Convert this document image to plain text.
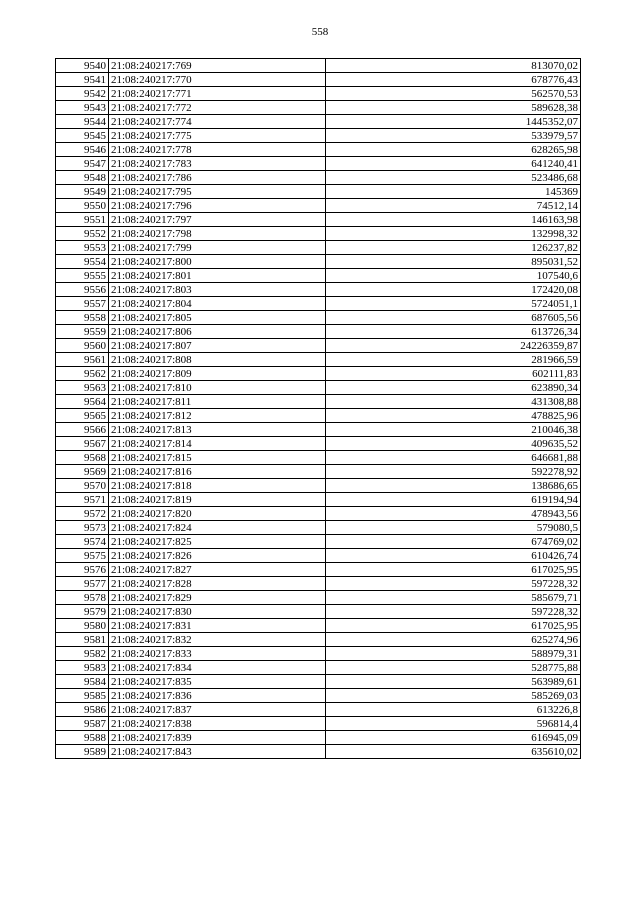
558
9540	21:08:240217:769	813070,02
9541	21:08:240217:770	678776,43
9542	21:08:240217:771	562570,53
9543	21:08:240217:772	589628,38
9544	21:08:240217:774	1445352,07
9545	21:08:240217:775	533979,57
9546	21:08:240217:778	628265,98
9547	21:08:240217:783	641240,41
9548	21:08:240217:786	523486,68
9549	21:08:240217:795	145369
9550	21:08:240217:796	74512,14
9551	21:08:240217:797	146163,98
9552	21:08:240217:798	132998,32
9553	21:08:240217:799	126237,82
9554	21:08:240217:800	895031,52
9555	21:08:240217:801	107540,6
9556	21:08:240217:803	172420,08
9557	21:08:240217:804	5724051,1
9558	21:08:240217:805	687605,56
9559	21:08:240217:806	613726,34
9560	21:08:240217:807	24226359,87
9561	21:08:240217:808	281966,59
9562	21:08:240217:809	602111,83
9563	21:08:240217:810	623890,34
9564	21:08:240217:811	431308,88
9565	21:08:240217:812	478825,96
9566	21:08:240217:813	210046,38
9567	21:08:240217:814	409635,52
9568	21:08:240217:815	646681,88
9569	21:08:240217:816	592278,92
9570	21:08:240217:818	138686,65
9571	21:08:240217:819	619194,94
9572	21:08:240217:820	478943,56
9573	21:08:240217:824	579080,5
9574	21:08:240217:825	674769,02
9575	21:08:240217:826	610426,74
9576	21:08:240217:827	617025,95
9577	21:08:240217:828	597228,32
9578	21:08:240217:829	585679,71
9579	21:08:240217:830	597228,32
9580	21:08:240217:831	617025,95
9581	21:08:240217:832	625274,96
9582	21:08:240217:833	588979,31
9583	21:08:240217:834	528775,88
9584	21:08:240217:835	563989,61
9585	21:08:240217:836	585269,03
9586	21:08:240217:837	613226,8
9587	21:08:240217:838	596814,4
9588	21:08:240217:839	616945,09
9589	21:08:240217:843	635610,02
